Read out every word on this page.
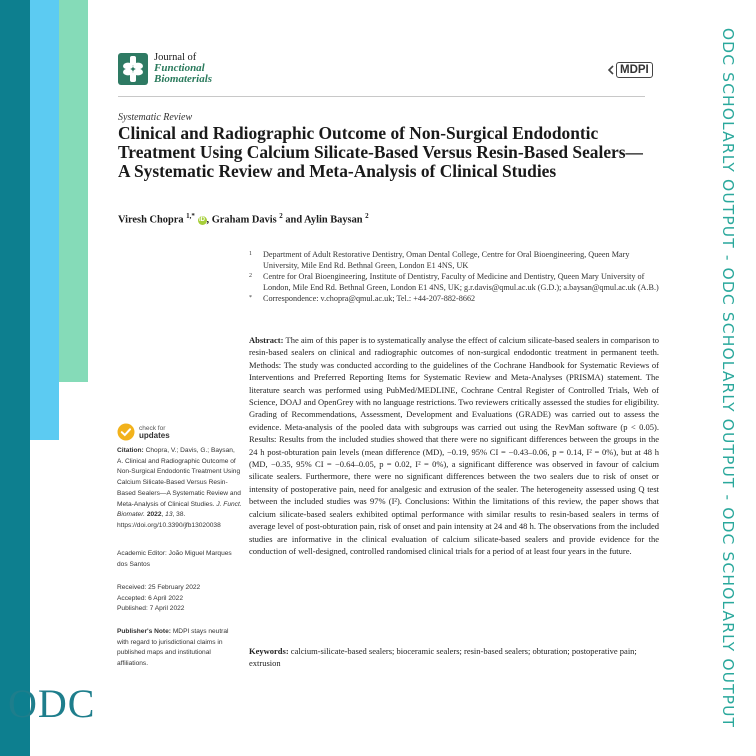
Journal of
Functional
Biomaterials
MDPI
Systematic Review
Clinical and Radiographic Outcome of Non-Surgical Endodontic Treatment Using Calcium Silicate-Based Versus Resin-Based Sealers—A Systematic Review and Meta-Analysis of Clinical Studies
Viresh Chopra $^{1,*}$ iD , Graham Davis $^2$ and Aylin Baysan $^2$
1 Department of Adult Restorative Dentistry, Oman Dental College, Centre for Oral Bioengineering, Queen Mary University, Mile End Rd. Bethnal Green, London E1 4NS, UK
2 Centre for Oral Bioengineering, Institute of Dentistry, Faculty of Medicine and Dentistry, Queen Mary University of London, Mile End Rd. Bethnal Green, London E1 4NS, UK; g.r.davis@qmul.ac.uk (G.D.); a.baysan@qmul.ac.uk (A.B.)
* Correspondence: v.chopra@qmul.ac.uk; Tel.: +44-207-882-8662
Abstract: The aim of this paper is to systematically analyse the effect of calcium silicate-based sealers in comparison to resin-based sealers on clinical and radiographic outcomes of non-surgical endodontic treatment in permanent teeth. Methods: The study was conducted according to the guidelines of the Cochrane Handbook for Systematic Reviews of Interventions and Preferred Reporting Items for Systematic Review and Meta-Analyses (PRISMA) statement. The literature search was performed using PubMed/MEDLINE, Cochrane Central Register of Controlled Trials, Web of Science, DOAJ and OpenGrey with no language restrictions. Two reviewers critically assessed the studies for eligibility. Grading of Recommendations, Assessment, Development and Evaluations (GRADE) was carried out to assess the evidence. Meta-analysis of the pooled data with subgroups was carried out using the RevMan software (p < 0.05). Results: Results from the included studies showed that there were no significant differences between the groups in the 24 h post-obturation pain levels (mean difference (MD), −0.19, 95% CI = −0.43–0.06, p = 0.14, I² = 0%), but at 48 h (MD, −0.35, 95% CI = −0.64–0.05, p = 0.02, I² = 0%), a significant difference was observed in favour of calcium silicate sealers. Furthermore, there were no significant differences between the two sealers due to risk of onset or intensity of postoperative pain, need for analgesic and extrusion of the sealer. The heterogeneity assessed using Q test between the included studies was 97% (I²). Conclusions: Within the limitations of this review, the paper shows that calcium silicate-based sealers exhibited optimal performance with similar results to resin-based sealers in terms of average level of post-obturation pain, risk of onset and pain intensity at 24 and 48 h. The observations from the included studies are informative in the clinical evaluation of calcium silicate-based sealers and provide evidence for the conduction of well-designed, controlled randomised clinical trials for a period of at least four years in the future.
Keywords: calcium-silicate-based sealers; bioceramic sealers; resin-based sealers; obturation; postoperative pain; extrusion
check for
updates
Citation: Chopra, V.; Davis, G.; Baysan, A. Clinical and Radiographic Outcome of Non-Surgical Endodontic Treatment Using Calcium Silicate-Based Versus Resin-Based Sealers—A Systematic Review and Meta-Analysis of Clinical Studies. J. Funct. Biomater. 2022, 13, 38. https://doi.org/10.3390/jfb13020038
Academic Editor: João Miguel Marques dos Santos
Received: 25 February 2022
Accepted: 6 April 2022
Published: 7 April 2022
Publisher's Note: MDPI stays neutral with regard to jurisdictional claims in published maps and institutional affiliations.
ODC	ODC SCHOLARLY OUTPUT - ODC SCHOLARLY OUTPUT - ODC SCHOLARLY OUTPUT
